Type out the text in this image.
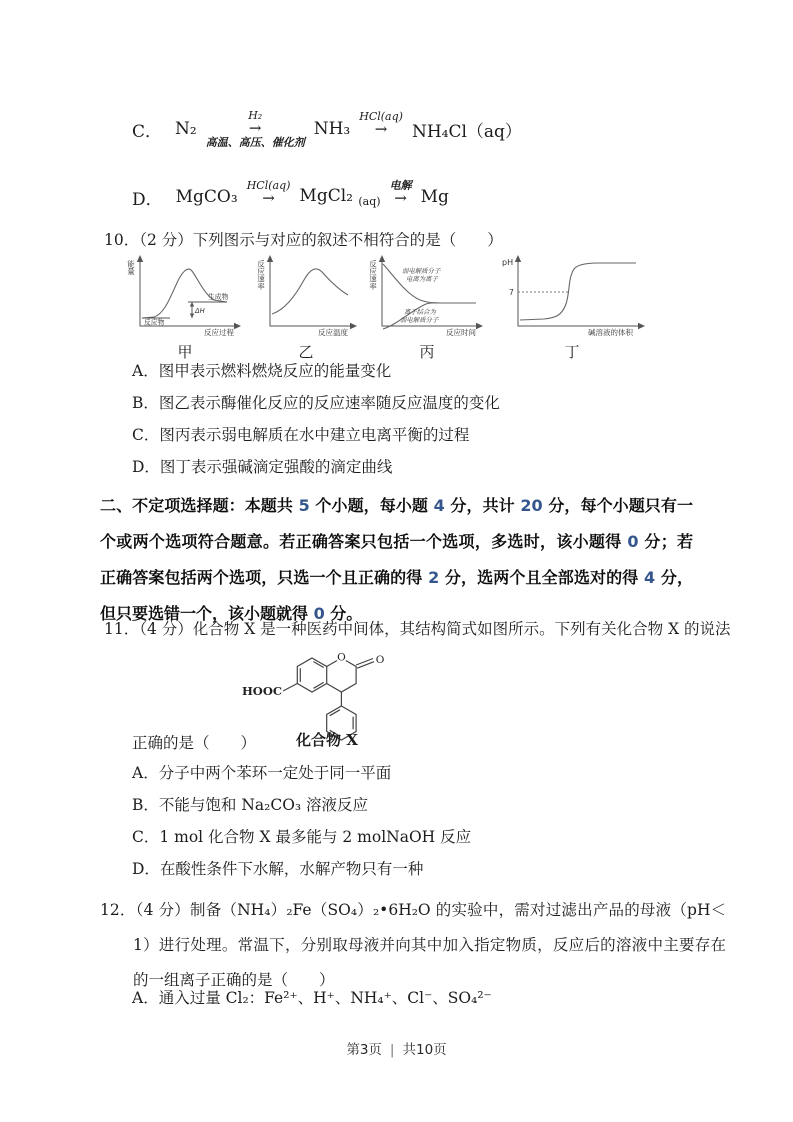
C． N₂
H₂
→
高温、高压、催化剂
NH₃
HCl(aq)
→ NH₄Cl（aq）
D． MgCO₃
HCl(aq)
→ MgCl₂ $_{(aq)}$
电解
→ Mg
10．（2 分）下列图示与对应的叙述不相符合的是（　　）
能量
反应物
生成物
ΔH
反应过程
甲
反应速率
反应温度
乙
反应速率	弱电解质分子
电离为离子
离子结合为
弱电解质分子
反应时间
丙
pH
7
碱溶液的体积
丁
A．图甲表示燃料燃烧反应的能量变化
B．图乙表示酶催化反应的反应速率随反应温度的变化
C．图丙表示弱电解质在水中建立电离平衡的过程
D．图丁表示强碱滴定强酸的滴定曲线
二、不定项选择题：本题共 5 个小题，每小题 4 分，共计 20 分，每个小题只有一个或两个选项符合题意。若正确答案只包括一个选项，多选时，该小题得 0 分；若正确答案包括两个选项，只选一个且正确的得 2 分，选两个且全部选对的得 4 分，但只要选错一个，该小题就得 0 分。
11．（4 分）化合物 X 是一种医药中间体，其结构简式如图所示。下列有关化合物 X 的说法
O	O
HOOC
化合物 X
正确的是（　　）
A．分子中两个苯环一定处于同一平面
B．不能与饱和 Na₂CO₃ 溶液反应
C．1 mol 化合物 X 最多能与 2 molNaOH 反应
D．在酸性条件下水解，水解产物只有一种
12．（4 分）制备（NH₄）₂Fe（SO₄）₂•6H₂O 的实验中，需对过滤出产品的母液（pH＜1）进行处理。常温下，分别取母液并向其中加入指定物质，反应后的溶液中主要存在的一组离子正确的是（　　）
A．通入过量 Cl₂：Fe²⁺、H⁺、NH₄⁺、Cl⁻、SO₄²⁻
第3页 | 共10页
